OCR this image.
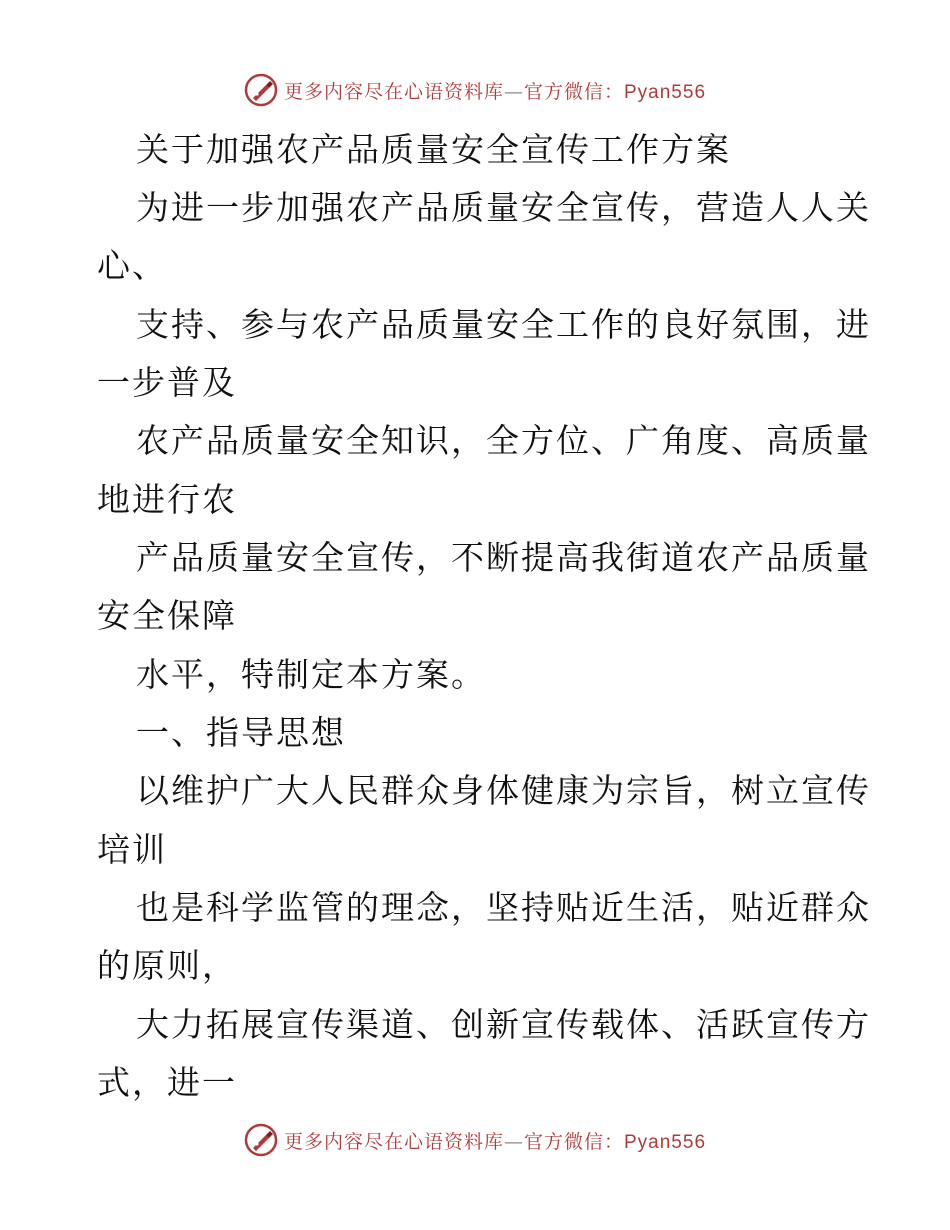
更多内容尽在心语资料库—官方微信：Pyan556
关于加强农产品质量安全宣传工作方案
为进一步加强农产品质量安全宣传，营造人人关
心、
支持、参与农产品质量安全工作的良好氛围，进
一步普及
农产品质量安全知识，全方位、广角度、高质量
地进行农
产品质量安全宣传，不断提高我街道农产品质量
安全保障
水平，特制定本方案。
一、指导思想
以维护广大人民群众身体健康为宗旨，树立宣传
培训
也是科学监管的理念，坚持贴近生活，贴近群众
的原则，
大力拓展宣传渠道、创新宣传载体、活跃宣传方
式，进一
更多内容尽在心语资料库—官方微信：Pyan556
